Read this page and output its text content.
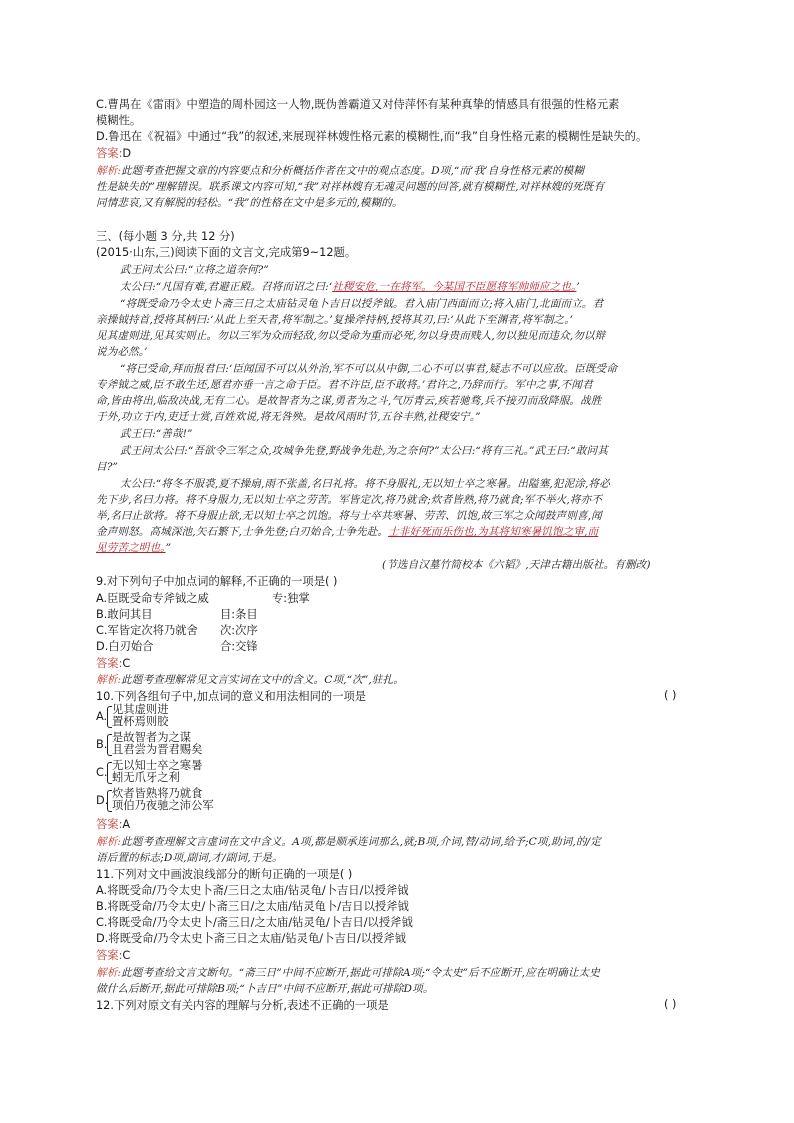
C.曹禺在《雷雨》中塑造的周朴园这一人物,既伪善霸道又对侍萍怀有某种真挚的情感具有很强的性格元素
模糊性。
D.鲁迅在《祝福》中通过“我”的叙述,来展现祥林嫂性格元素的模糊性,而“我”自身性格元素的模糊性是缺失的。
答案:D
解析:此题考查把握文章的内容要点和分析概括作者在文中的观点态度。D项,“而‘我’自身性格元素的模糊
性是缺失的”理解错误。联系课文内容可知,“我”对祥林嫂有无魂灵问题的回答,就有模糊性,对祥林嫂的死既有
同情悲哀,又有解脱的轻松。“我”的性格在文中是多元的,模糊的。
三、(每小题 3 分,共 12 分)
(2015·山东,三)阅读下面的文言文,完成第9~12题。
武王问太公曰:“立将之道奈何?”
太公曰:“凡国有难,君避正殿。召将而诏之曰:‘社稷安危,一在将军。今某国不臣愿将军帅师应之也。’
“将既受命乃令太史卜斋三日之太庙钻灵龟卜吉日以授斧钺。君入庙门西面而立;将入庙门,北面而立。君
亲操钺持首,授将其柄曰:‘从此上至天者,将军制之。’复操斧持柄,授将其刃,曰:‘从此下至渊者,将军制之。’
见其虚则进,见其实则止。勿以三军为众而轻敌,勿以受命为重而必死,勿以身贵而贱人,勿以独见而违众,勿以辩
说为必然。’
“将已受命,拜而报君曰:‘臣闻国不可以从外治,军不可以从中御,二心不可以事君,疑志不可以应敌。臣既受命
专斧钺之威,臣不敢生还,愿君亦垂一言之命于臣。君不许臣,臣不敢将。’君许之,乃辞而行。军中之事,不闻君
命,皆由将出,临敌决战,无有二心。是故智者为之谋,勇者为之斗,气厉青云,疾若驰骛,兵不接刃而敌降服。战胜
于外,功立于内,吏迁士赏,百姓欢说,将无咎殃。是故风雨时节,五谷丰熟,社稷安宁。”
武王曰:“善哉!”
武王问太公曰:“吾欲令三军之众,攻城争先登,野战争先赴,为之奈何?”太公曰:“将有三礼。”武王曰:“敢问其
目?”
太公曰:“将冬不服裘,夏不操扇,雨不张盖,名曰礼将。将不身服礼,无以知士卒之寒暑。出隘塞,犯泥涂,将必
先下步,名曰力将。将不身服力,无以知士卒之劳苦。军皆定次,将乃就舍;炊者皆熟,将乃就食;军不举火,将亦不
举,名曰止欲将。将不身服止欲,无以知士卒之饥饱。将与士卒共寒暑、劳苦、饥饱,故三军之众闻鼓声则喜,闻
金声则怒。高城深池,矢石繁下,士争先登;白刃始合,士争先赴。士非好死而乐伤也,为其将知寒暑饥饱之审,而
见劳苦之明也。”
(节选自汉墓竹简校本《六韬》,天津古籍出版社。有删改)
9.对下列句子中加点词的解释,不正确的一项是( )
A.臣既受命专斧钺之威	专:独掌
B.敢问其目	目:条目
C.军皆定次将乃就舍 次:次序
D.白刃始合	合:交锋
答案:C
解析:此题考查理解常见文言实词在文中的含义。C项,“次”,驻扎。
10.下列各组句子中,加点词的意义和用法相同的一项是	( )
A.
见其虚则进
置杯焉则胶
B.
是故智者为之谋
且君尝为晋君赐矣
C.
无以知士卒之寒暑
蚓无爪牙之利
D.
炊者皆熟将乃就食
项伯乃夜驰之沛公军
答案:A
解析:此题考查理解文言虚词在文中含义。A项,都是顺承连词那么,就;B项,介词,替/动词,给予;C项,助词,的/定
语后置的标志;D项,副词,才/副词,于是。
11.下列对文中画波浪线部分的断句正确的一项是( )
A.将既受命/乃令太史卜斋/三日之太庙/钻灵龟/卜吉日/以授斧钺
B.将既受命/乃令太史/卜斋三日/之太庙/钻灵龟卜/吉日以授斧钺
C.将既受命/乃令太史卜/斋三日/之太庙/钻灵龟/卜吉日/以授斧钺
D.将既受命/乃令太史卜斋三日之太庙/钻灵龟/卜吉日/以授斧钺
答案:C
解析:此题考查给文言文断句。“斋三日”中间不应断开,据此可排除A项;“令太史”后不应断开,应在明确让太史
做什么后断开,据此可排除B项;“卜吉日”中间不应断开,据此可排除D项。
12.下列对原文有关内容的理解与分析,表述不正确的一项是	( )
